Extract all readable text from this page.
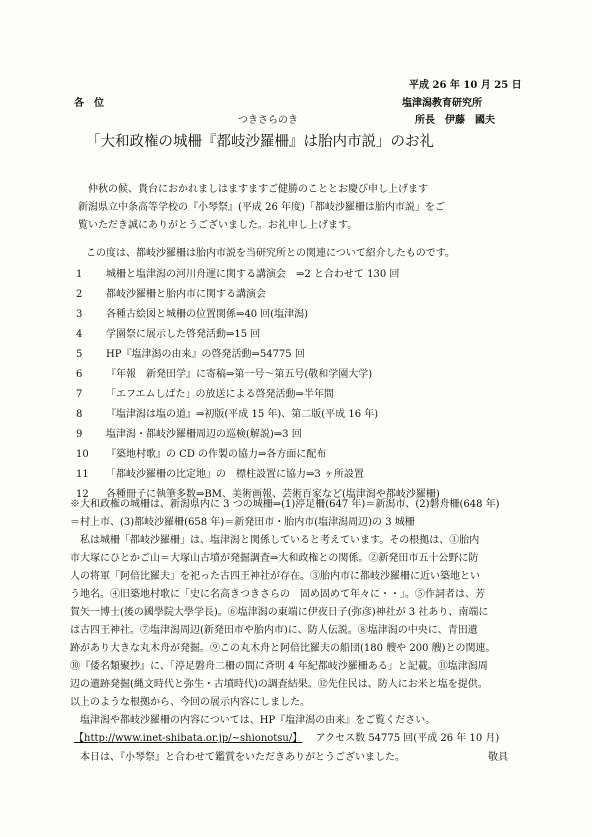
平成 26 年 10 月 25 日
各　位	塩津潟教育研究所
つきさらのき	所長　伊藤　國夫
「大和政権の城柵『都岐沙羅柵』は胎内市説」のお礼
仲秋の候、貴台におかれましはますますご健勝のこととお慶び申し上げます
新潟県立中条高等学校の『小琴祭』(平成 26 年度)「都岐沙羅柵は胎内市説」をご
覧いただき誠にありがとうございました。お礼申し上げます。
この度は、都岐沙羅柵は胎内市説を当研究所との関連について紹介したものです。
1 城柵と塩津潟の河川舟運に関する講演会　⇒2 と合わせて 130 回
2 都岐沙羅柵と胎内市に関する講演会
3 各種古絵図と城柵の位置関係⇒40 回(塩津潟)
4 学園祭に展示した啓発活動⇒15 回
5 HP『塩津潟の由来』の啓発活動⇒54775 回
6 『年報　新発田学』に寄稿⇒第一号～第五号(敬和学園大学)
7 「エフエムしばた」の放送による啓発活動⇒半年間
8 『塩津潟は塩の道』⇒初版(平成 15 年)、第二版(平成 16 年)
9 塩津潟・都岐沙羅柵周辺の巡検(解説)⇒3 回
10 『築地村歌』の CD の作製の協力⇒各方面に配布
11 「都岐沙羅柵の比定地」の　標柱設置に協力⇒3 ヶ所設置
12 各種冊子に執筆多数⇒BM、美術画報、芸術百家など(塩津潟や都岐沙羅柵)
※大和政権の城柵は、新潟県内に 3 つの城柵⇒(1)渟足柵(647 年)＝新潟市、(2)磐舟柵(648 年)
＝村上市、(3)都岐沙羅柵(658 年)＝新発田市・胎内市(塩津潟周辺)の 3 城柵
私は城柵「都岐沙羅柵」は、塩津潟と関係していると考えています。その根拠は、①胎内
市大塚にひとかご山＝大塚山古墳が発掘調査⇒大和政権との関係。②新発田市五十公野に防
人の将軍「阿倍比羅夫」を祀った古四王神社が存在。③胎内市に都岐沙羅柵に近い築地とい
う地名。④旧築地村歌に「史に名高きつきさらの　固め固めて年々に・・」。⑤作詞者は、芳
賀矢一博士(後の國學院大學学長)。⑥塩津潟の東端に伊夜日子(弥彦)神社が 3 社あり、南端に
は古四王神社。⑦塩津潟周辺(新発田市や胎内市)に、防人伝説。⑧塩津潟の中央に、青田遺
跡があり大きな丸木舟が発掘。⑨この丸木舟と阿倍比羅夫の船団(180 艘や 200 艘)との関連。
⑩『倭名類聚抄』に、「渟足磐舟二柵の間に斉明 4 年紀都岐沙羅柵ある」と記載。⑪塩津潟周
辺の遺跡発掘(縄文時代と弥生・古墳時代)の調査結果。⑫先住民は、防人にお米と塩を提供。
以上のような根拠から、今回の展示内容にしました。
塩津潟や都岐沙羅柵の内容については、HP『塩津潟の由来』をご覧ください。
【http://www.inet-shibata.or.jp/~shionotsu/】 アクセス数 54775 回(平成 26 年 10 月)
本日は、『小琴祭』と合わせて鑑賞をいただきありがとうございました。	敬具
